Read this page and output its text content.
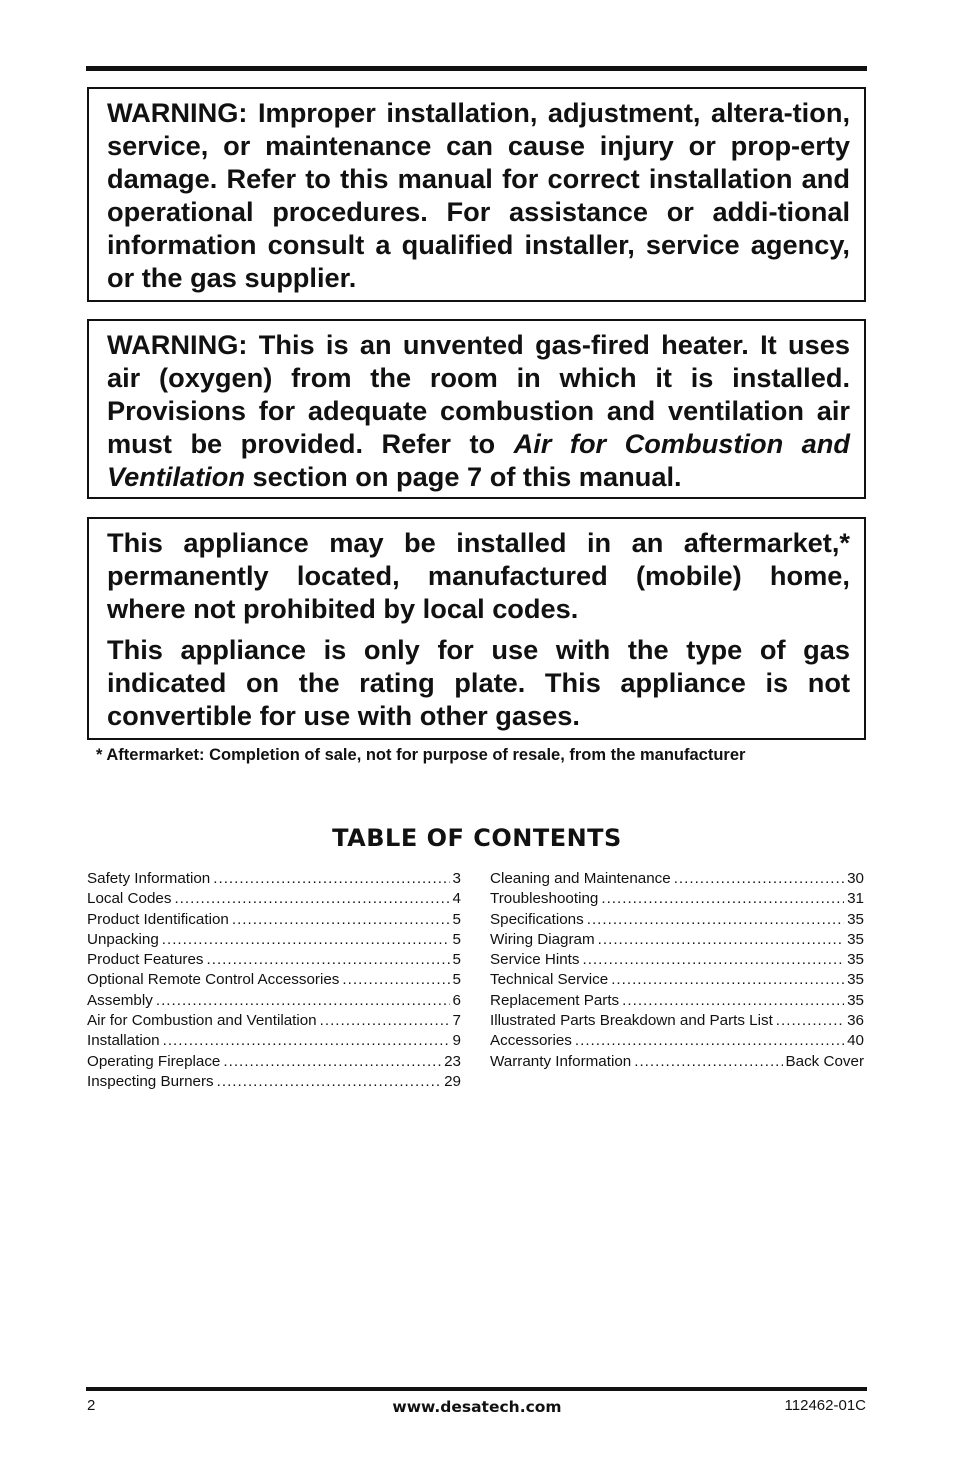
WARNING: Improper installation, adjustment, altera-tion, service, or maintenance can cause injury or prop-erty damage. Refer to this manual for correct installation and operational procedures. For assistance or addi-tional information consult a qualified installer, service agency, or the gas supplier.

WARNING: This is an unvented gas-fired heater. It uses air (oxygen) from the room in which it is installed. Provisions for adequate combustion and ventilation air must be provided. Refer to Air for Combustion and Ventilation section on page 7 of this manual.

This appliance may be installed in an aftermarket,* permanently located, manufactured (mobile) home, where not prohibited by local codes.

This appliance is only for use with the type of gas indicated on the rating plate. This appliance is not convertible for use with other gases.

* Aftermarket: Completion of sale, not for purpose of resale, from the manufacturer
TABLE OF CONTENTS
Safety Information .....	3
Local Codes .....	4
Product Identification .....	5
Unpacking .....	5
Product Features .....	5
Optional Remote Control Accessories .....	5
Assembly .....	6
Air for Combustion and Ventilation .....	7
Installation .....	9
Operating Fireplace .....	23
Inspecting Burners .....	29
Cleaning and Maintenance .....	30
Troubleshooting .....	31
Specifications .....	35
Wiring Diagram .....	35
Service Hints .....	35
Technical Service .....	35
Replacement Parts .....	35
Illustrated Parts Breakdown and Parts List .....	36
Accessories .....	40
Warranty Information .....	Back Cover
2	www.desatech.com	112462-01C
